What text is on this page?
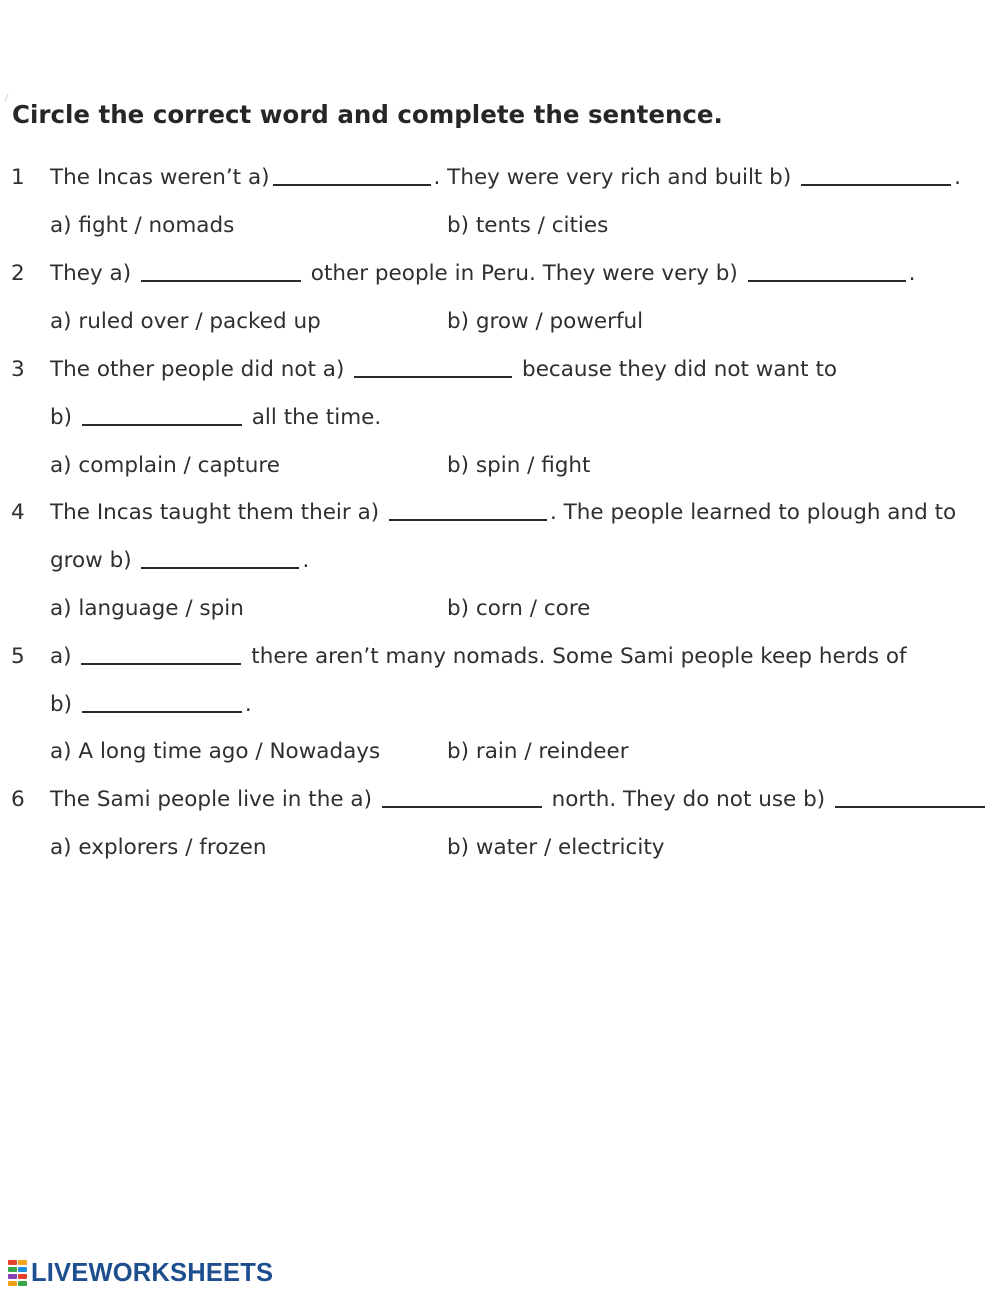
Circle the correct word and complete the sentence.
1 The Incas weren’t a)	. They were very rich and built b)	.
a) fight / nomads	b) tents / cities
2 They a)	other people in Peru. They were very b)	.
a) ruled over / packed up	b) grow / powerful
3 The other people did not a)	because they did not want to
b)	all the time.
a) complain / capture	b) spin / fight
4 The Incas taught them their a)	. The people learned to plough and to
grow b)	.
a) language / spin	b) corn / core
5 a)	there aren’t many nomads. Some Sami people keep herds of
b)	.
a) A long time ago / Nowadays	b) rain / reindeer
6 The Sami people live in the a)	north. They do not use b)
a) explorers / frozen	b) water / electricity
LIVEWORKSHEETS
